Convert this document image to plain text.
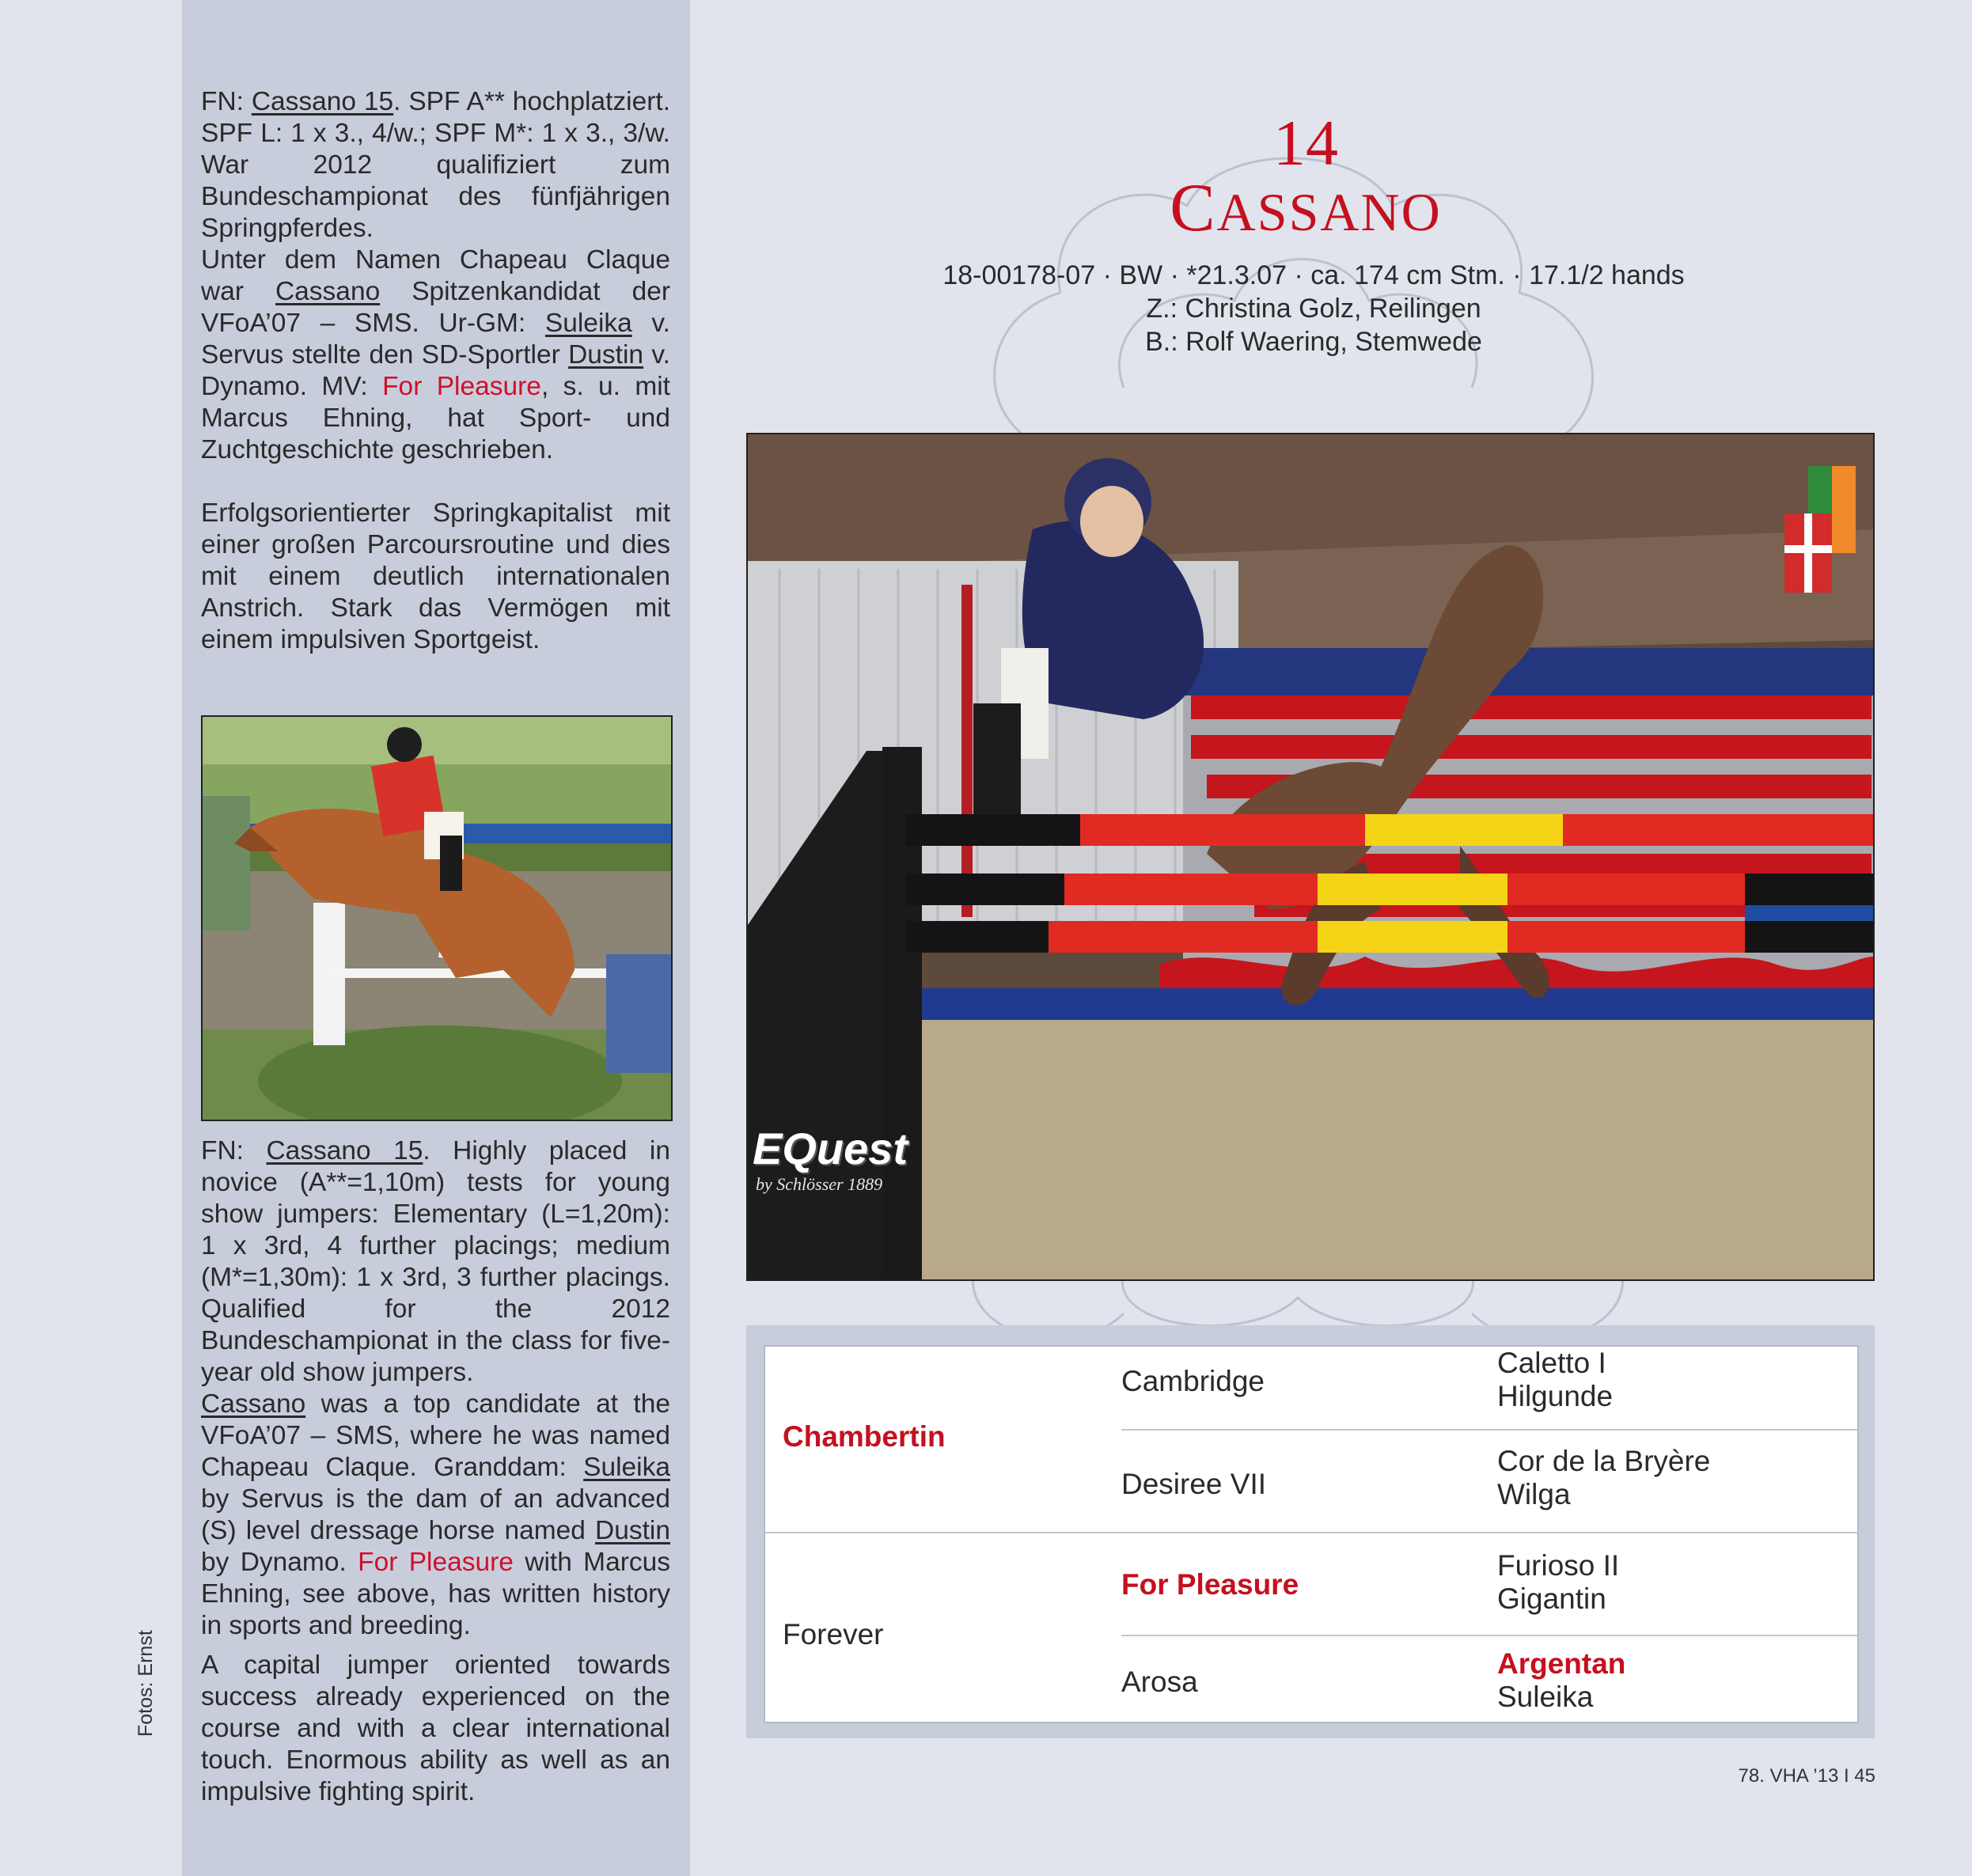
FN: Cassano 15. SPF A** hochplatziert. SPF L: 1 x 3., 4/w.; SPF M*: 1 x 3., 3/w. War 2012 qualifiziert zum Bundeschampionat des fünfjährigen Springpferdes.

Unter dem Namen Chapeau Claque war Cassano Spitzenkandidat der VFoA’07 – SMS. Ur-GM: Suleika v. Servus stellte den SD-Sportler Dustin v. Dynamo. MV: For Pleasure, s. u. mit Marcus Ehning, hat Sport- und Zuchtgeschichte geschrieben.

Erfolgsorientierter Springkapitalist mit einer großen Parcoursroutine und dies mit einem deutlich internationalen Anstrich. Stark das Vermögen mit einem impulsiven Sportgeist.

FN: Cassano 15. Highly placed in novice (A**=1,10m) tests for young show jumpers: Elementary (L=1,20m): 1 x 3rd, 4 further placings; medium (M*=1,30m): 1 x 3rd, 3 further placings. Qualified for the 2012 Bundeschampionat in the class for five-year old show jumpers.

Cassano was a top candidate at the VFoA’07 – SMS, where he was named Chapeau Claque. Granddam: Suleika by Servus is the dam of an advanced (S) level dressage horse named Dustin by Dynamo. For Pleasure with Marcus Ehning, see above, has written history in sports and breeding.

A capital jumper oriented towards success already experienced on the course and with a clear international touch. Enormous ability as well as an impulsive fighting spirit.

Fotos: Ernst
14
CASSANO
18-00178-07 · BW · *21.3.07 · ca. 174 cm Stm. · 17.1/2 hands
Z.: Christina Golz, Reilingen
B.: Rolf Waering, Stemwede
EQuest
by Schlösser 1889
Chambertin
Forever
Cambridge
Desiree VII
For Pleasure
Arosa
Caletto I
Hilgunde
Cor de la Bryère
Wilga
Furioso II
Gigantin
Argentan
Suleika
78. VHA ’13 I 45
